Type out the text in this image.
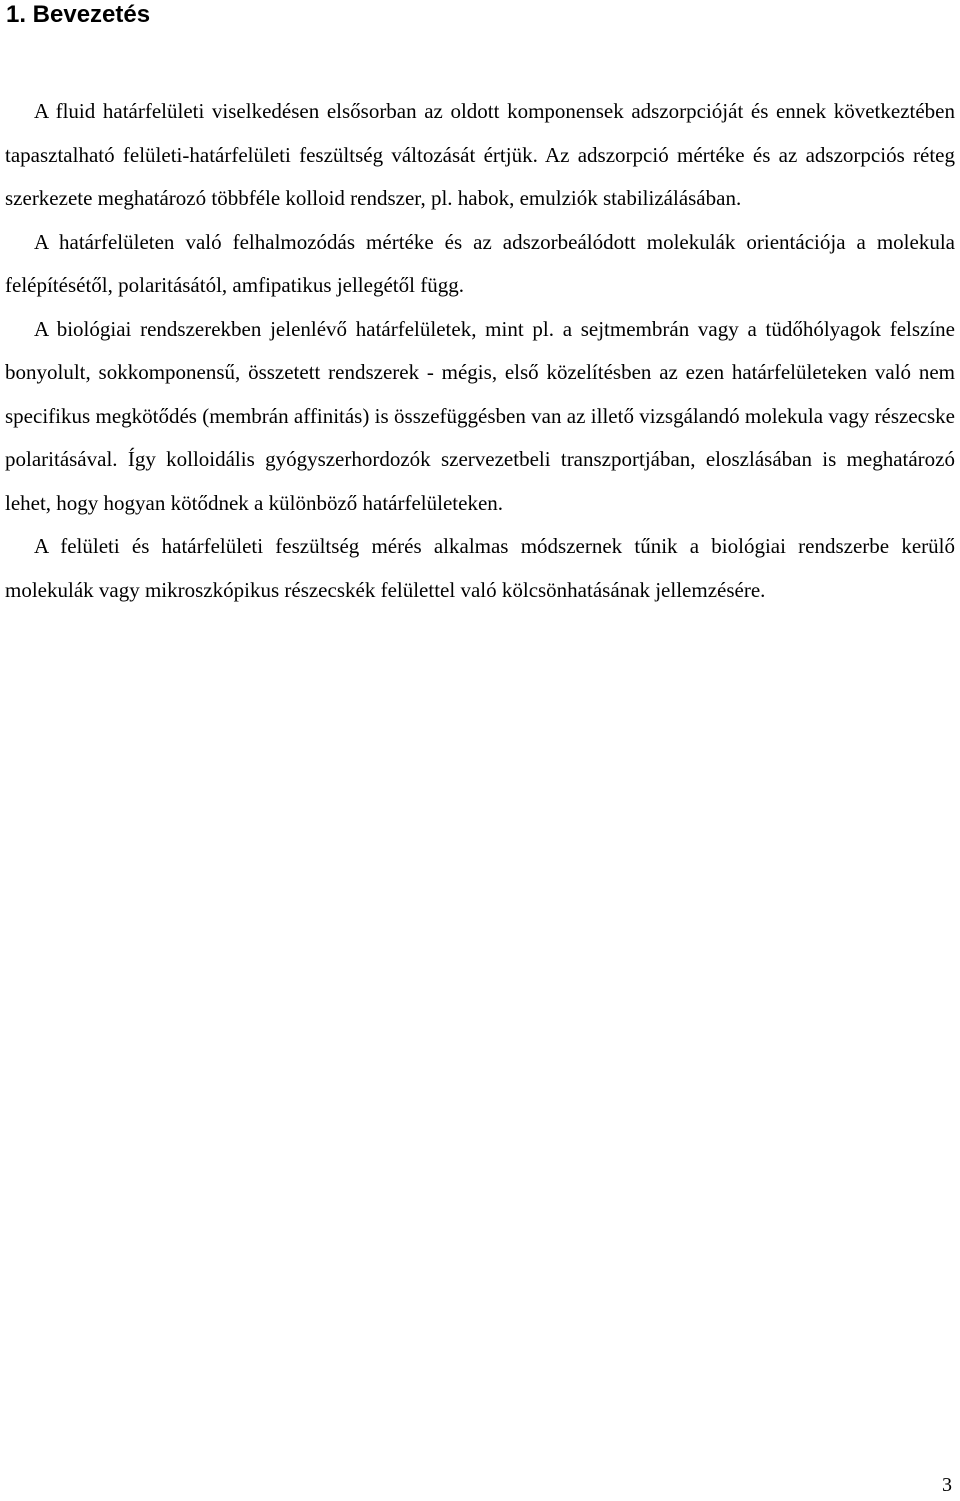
1. Bevezetés

A fluid határfelületi viselkedésen elsősorban az oldott komponensek adszorpcióját és ennek következtében tapasztalható felületi-határfelületi feszültség változását értjük. Az adszorpció mértéke és az adszorpciós réteg szerkezete meghatározó többféle kolloid rendszer, pl. habok, emulziók stabilizálásában.

A határfelületen való felhalmozódás mértéke és az adszorbeálódott molekulák orientációja a molekula felépítésétől, polaritásától, amfipatikus jellegétől függ.

A biológiai rendszerekben jelenlévő határfelületek, mint pl. a sejtmembrán vagy a tüdőhólyagok felszíne bonyolult, sokkomponensű, összetett rendszerek - mégis, első közelítésben az ezen határfelületeken való nem specifikus megkötődés (membrán affinitás) is összefüggésben van az illető vizsgálandó molekula vagy részecske polaritásával. Így kolloidális gyógyszerhordozók szervezetbeli transzportjában, eloszlásában is meghatározó lehet, hogy hogyan kötődnek a különböző határfelületeken.

A felületi és határfelületi feszültség mérés alkalmas módszernek tűnik a biológiai rendszerbe kerülő molekulák vagy mikroszkópikus részecskék felülettel való kölcsönhatásának jellemzésére.

3
